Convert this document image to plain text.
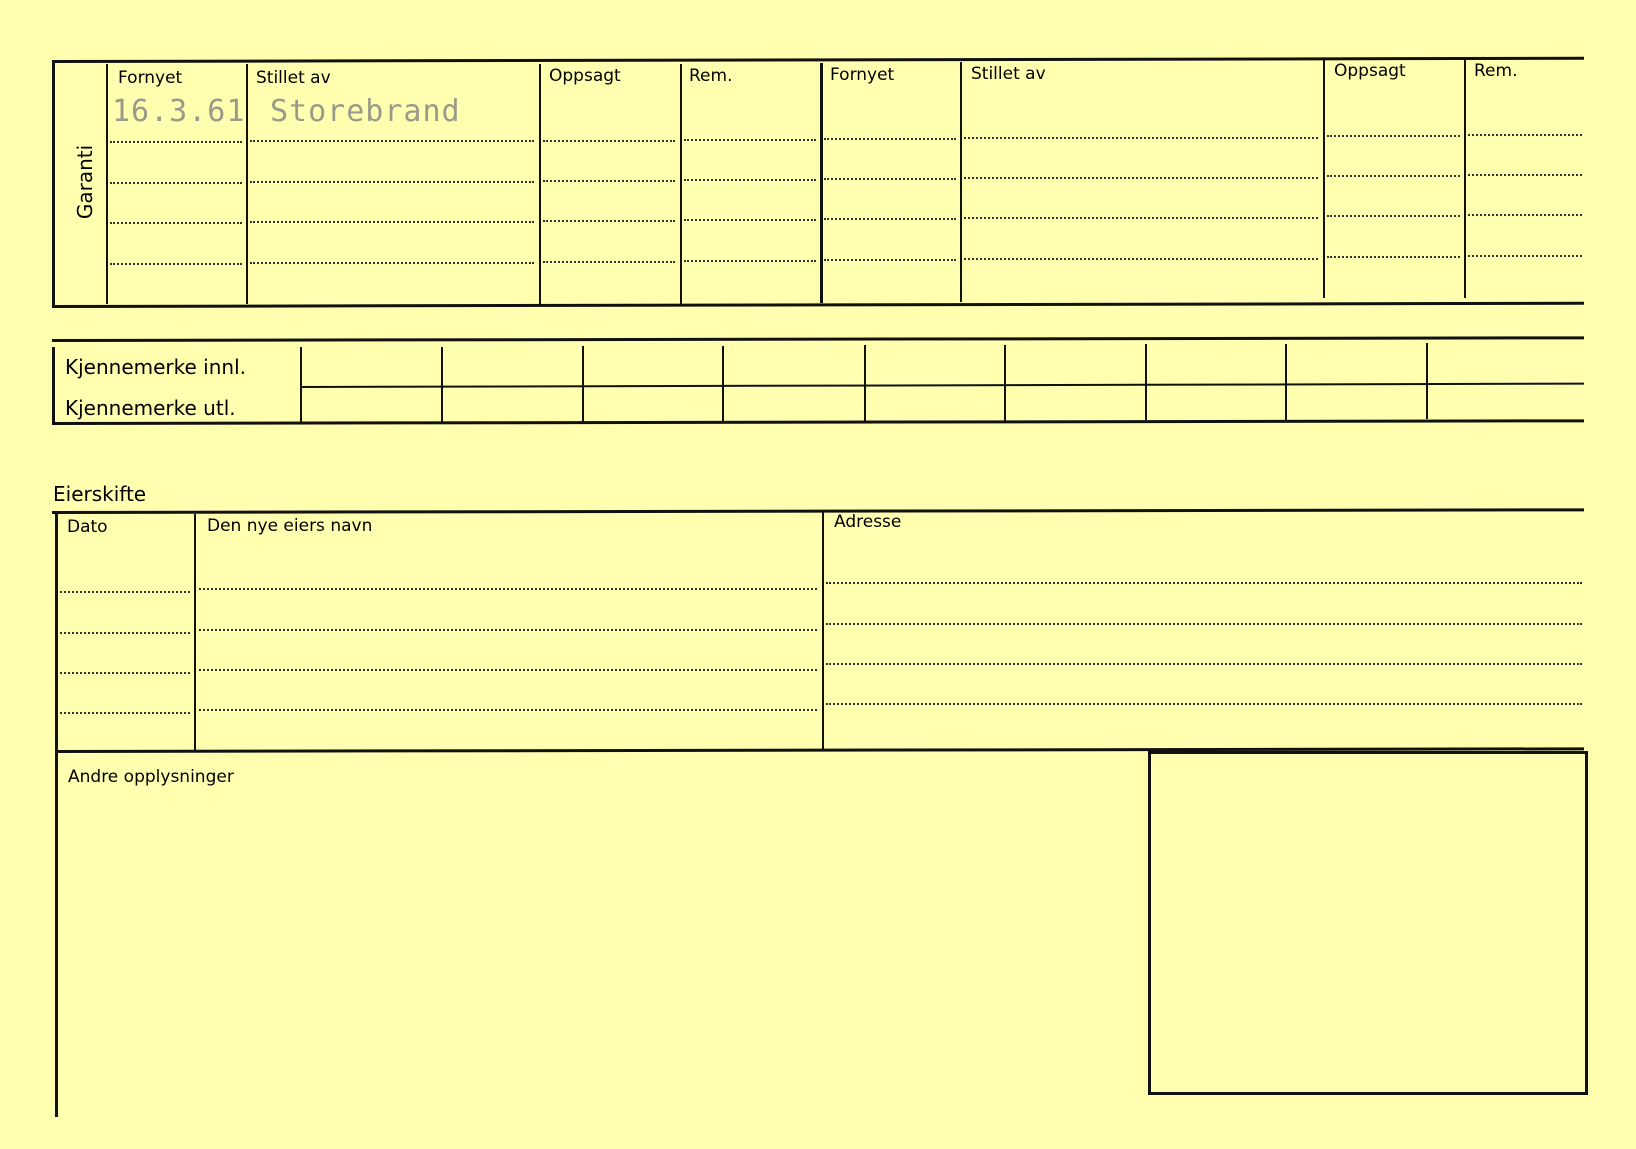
Garanti
Fornyet	Stillet av	Oppsagt	Rem.	Fornyet	Stillet av	Oppsagt	Rem.
16.3.61 Storebrand
Kjennemerke innl.
Kjennemerke utl.
Eierskifte
Dato	Den nye eiers navn	Adresse
Andre opplysninger
